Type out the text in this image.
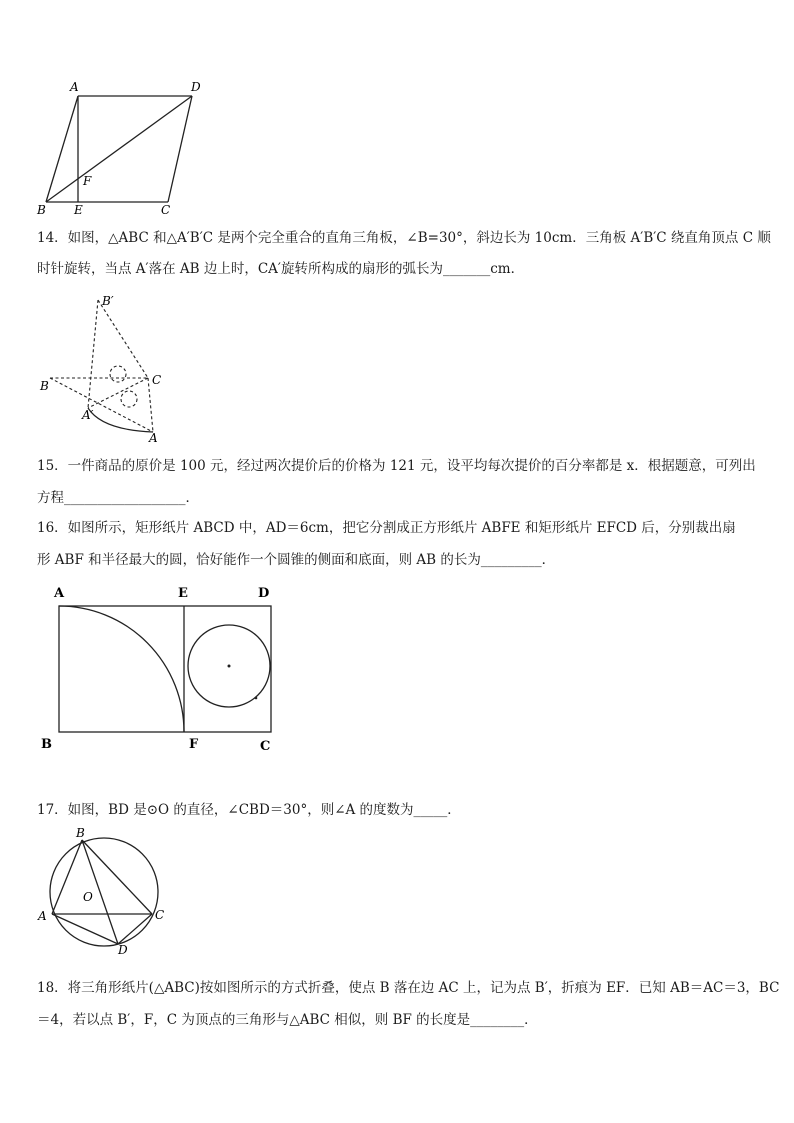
A	D
B E	C
F
14．如图，△ABC 和△A′B′C 是两个完全重合的直角三角板，∠B=30°，斜边长为 10cm．三角板 A′B′C 绕直角顶点 C 顺
时针旋转，当点 A′落在 AB 边上时，CA′旋转所构成的扇形的弧长为_______cm．
B′
B	C
A′
A
15．一件商品的原价是 100 元，经过两次提价后的价格为 121 元，设平均每次提价的百分率都是 x．根据题意，可列出
方程__________________．
16．如图所示，矩形纸片 ABCD 中，AD＝6cm，把它分割成正方形纸片 ABFE 和矩形纸片 EFCD 后，分别裁出扇
形 ABF 和半径最大的圆，恰好能作一个圆锥的侧面和底面，则 AB 的长为_________．
A	E	D
B	F	C
17．如图，BD 是⊙O 的直径，∠CBD＝30°，则∠A 的度数为_____．
B
O
A	C
D
18．将三角形纸片(△ABC)按如图所示的方式折叠，使点 B 落在边 AC 上，记为点 B′，折痕为 EF．已知 AB＝AC＝3，BC
＝4，若以点 B′，F，C 为顶点的三角形与△ABC 相似，则 BF 的长度是________．
